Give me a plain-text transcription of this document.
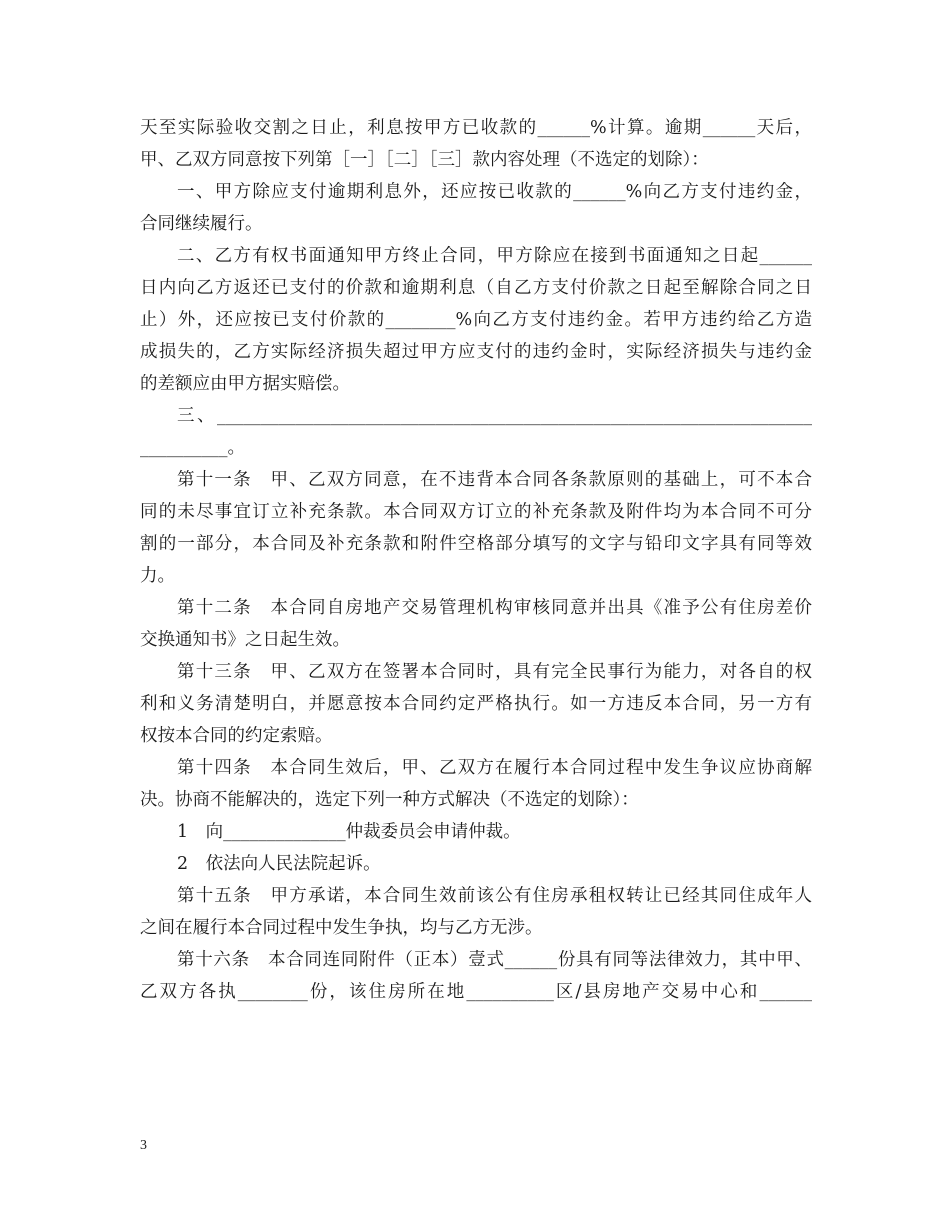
天至实际验收交割之日止，利息按甲方已收款的______%计算。逾期______天后，
甲、乙双方同意按下列第［一］［二］［三］款内容处理（不选定的划除）：
一、甲方除应支付逾期利息外，还应按已收款的______%向乙方支付违约金，
合同继续履行。
二、乙方有权书面通知甲方终止合同，甲方除应在接到书面通知之日起______
日内向乙方返还已支付的价款和逾期利息（自乙方支付价款之日起至解除合同之日
止）外，还应按已支付价款的________%向乙方支付违约金。若甲方违约给乙方造
成损失的，乙方实际经济损失超过甲方应支付的违约金时，实际经济损失与违约金
的差额应由甲方据实赔偿。
三、____________________________________________________________________
__________。
第十一条　甲、乙双方同意，在不违背本合同各条款原则的基础上，可不本合
同的未尽事宜订立补充条款。本合同双方订立的补充条款及附件均为本合同不可分
割的一部分，本合同及补充条款和附件空格部分填写的文字与铅印文字具有同等效
力。
第十二条　本合同自房地产交易管理机构审核同意并出具《准予公有住房差价
交换通知书》之日起生效。
第十三条　甲、乙双方在签署本合同时，具有完全民事行为能力，对各自的权
利和义务清楚明白，并愿意按本合同约定严格执行。如一方违反本合同，另一方有
权按本合同的约定索赔。
第十四条　本合同生效后，甲、乙双方在履行本合同过程中发生争议应协商解
决。协商不能解决的，选定下列一种方式解决（不选定的划除）：
1　向______________仲裁委员会申请仲裁。
2　依法向人民法院起诉。
第十五条　甲方承诺，本合同生效前该公有住房承租权转让已经其同住成年人
之间在履行本合同过程中发生争执，均与乙方无涉。
第十六条　本合同连同附件（正本）壹式______份具有同等法律效力，其中甲、
乙双方各执________份，该住房所在地__________区/县房地产交易中心和______
3
